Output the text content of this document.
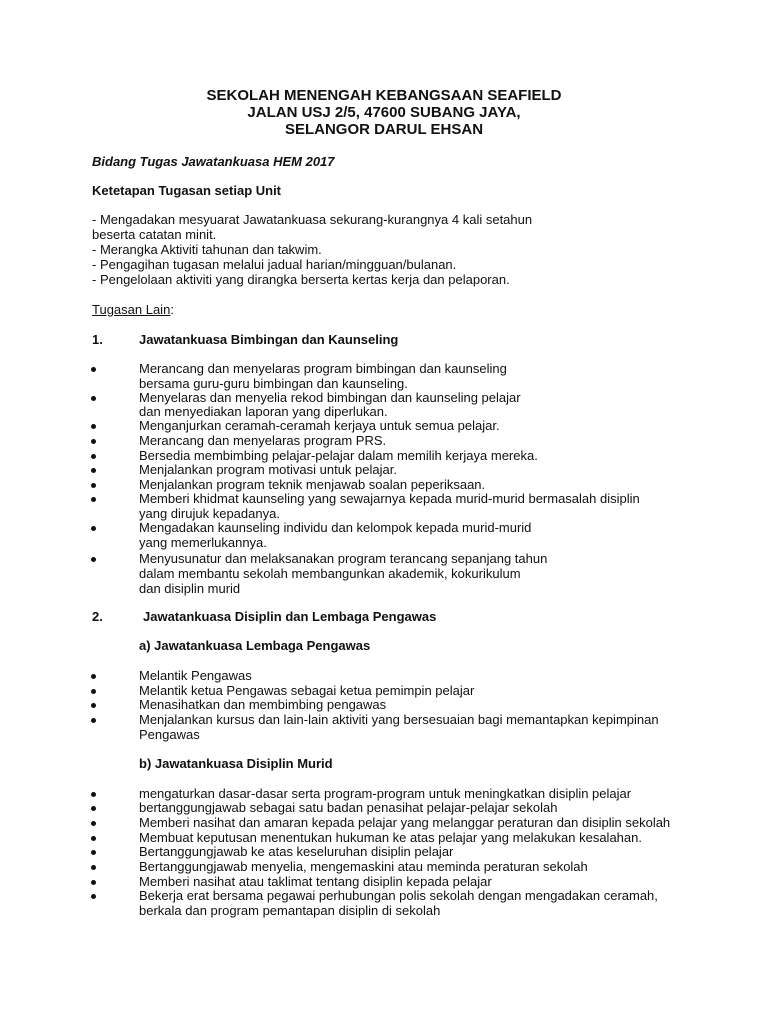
SEKOLAH MENENGAH KEBANGSAAN SEAFIELD
JALAN USJ 2/5, 47600 SUBANG JAYA,
SELANGOR DARUL EHSAN
Bidang Tugas Jawatankuasa HEM 2017
Ketetapan Tugasan setiap Unit
- Mengadakan mesyuarat Jawatankuasa sekurang-kurangnya 4 kali setahun
beserta catatan minit.
- Merangka Aktiviti tahunan dan takwim.
- Pengagihan tugasan melalui jadual harian/mingguan/bulanan.
- Pengelolaan aktiviti yang dirangka berserta kertas kerja dan pelaporan.
Tugasan Lain:
1.	Jawatankuasa Bimbingan dan Kaunseling
Merancang dan menyelaras program bimbingan dan kaunseling
bersama guru-guru bimbingan dan kaunseling.
Menyelaras dan menyelia rekod bimbingan dan kaunseling pelajar
dan menyediakan laporan yang diperlukan.
Menganjurkan ceramah-ceramah kerjaya untuk semua pelajar.
Merancang dan menyelaras program PRS.
Bersedia membimbing pelajar-pelajar dalam memilih kerjaya mereka.
Menjalankan program motivasi untuk pelajar.
Menjalankan program teknik menjawab soalan peperiksaan.
Memberi khidmat kaunseling yang sewajarnya kepada murid-murid bermasalah disiplin
yang dirujuk kepadanya.
Mengadakan kaunseling individu dan kelompok kepada murid-murid
yang memerlukannya.
Menyusunatur dan melaksanakan program terancang sepanjang tahun
dalam membantu sekolah membangunkan akademik, kokurikulum
dan disiplin murid
2.	Jawatankuasa Disiplin dan Lembaga Pengawas
a) Jawatankuasa Lembaga Pengawas
Melantik Pengawas
Melantik ketua Pengawas sebagai ketua pemimpin pelajar
Menasihatkan dan membimbing pengawas
Menjalankan kursus dan lain-lain aktiviti yang bersesuaian bagi memantapkan kepimpinan
Pengawas
b) Jawatankuasa Disiplin Murid
mengaturkan dasar-dasar serta program-program untuk meningkatkan disiplin pelajar
bertanggungjawab sebagai satu badan penasihat pelajar-pelajar sekolah
Memberi nasihat dan amaran kepada pelajar yang melanggar peraturan dan disiplin sekolah
Membuat keputusan menentukan hukuman ke atas pelajar yang melakukan kesalahan.
Bertanggungjawab ke atas keseluruhan disiplin pelajar
Bertanggungjawab menyelia, mengemaskini atau meminda peraturan sekolah
Memberi nasihat atau taklimat tentang disiplin kepada pelajar
Bekerja erat bersama pegawai perhubungan polis sekolah dengan mengadakan ceramah,
berkala dan program pemantapan disiplin di sekolah
